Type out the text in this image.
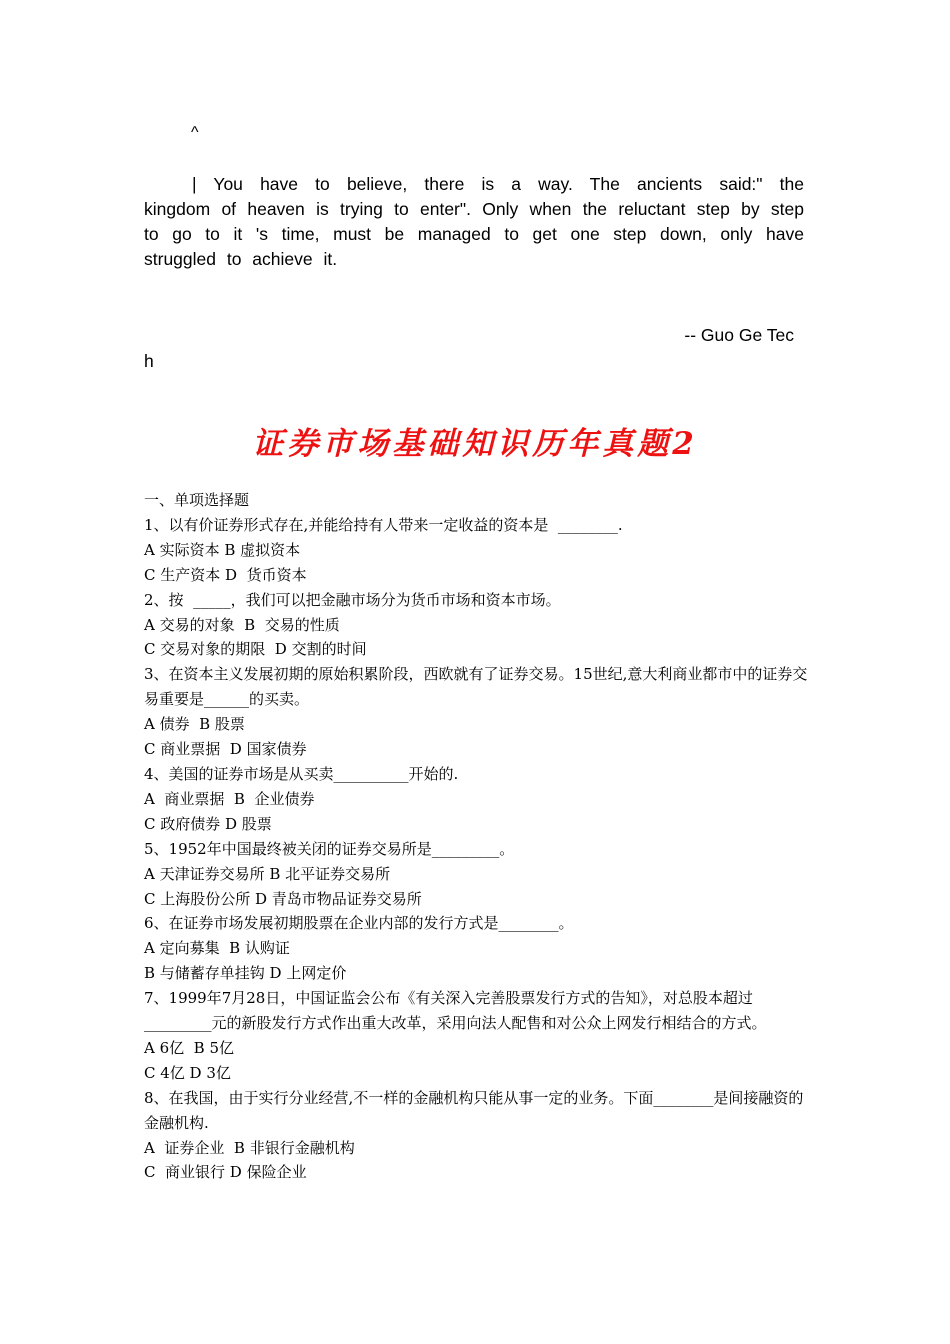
^
| You have to believe, there is a way. The ancients said:" the kingdom of heaven is trying to enter". Only when the reluctant step by step to go to it 's time, must be managed to get one step down, only have struggled to achieve it.
-- Guo Ge Tec
h
证券市场基础知识历年真题2
一、单项选择题
1、以有价证券形式存在,并能给持有人带来一定收益的资本是  ________.
A 实际资本 B 虚拟资本
C 生产资本 D  货币资本
2、按  _____，我们可以把金融市场分为货币市场和资本市场。
A 交易的对象  B  交易的性质
C 交易对象的期限  D 交割的时间
3、在资本主义发展初期的原始积累阶段，西欧就有了证券交易。15世纪,意大利商业都市中的证券交易重要是______的买卖。
A 债券  B 股票
C 商业票据  D 国家债券
4、美国的证券市场是从买卖__________开始的.
A  商业票据  B  企业债券
C 政府债券 D 股票
5、1952年中国最终被关闭的证券交易所是_________。
A 天津证券交易所 B 北平证券交易所
C 上海股份公所 D 青岛市物品证券交易所
6、在证券市场发展初期股票在企业内部的发行方式是________。
A 定向募集  B 认购证
B 与储蓄存单挂钩 D 上网定价
7、1999年7月28日，中国证监会公布《有关深入完善股票发行方式的告知》，对总股本超过_________元的新股发行方式作出重大改革，采用向法人配售和对公众上网发行相结合的方式。
A 6亿  B 5亿
C 4亿 D 3亿
8、在我国，由于实行分业经营,不一样的金融机构只能从事一定的业务。下面________是间接融资的金融机构.
A  证券企业  B 非银行金融机构
C  商业银行 D 保险企业
